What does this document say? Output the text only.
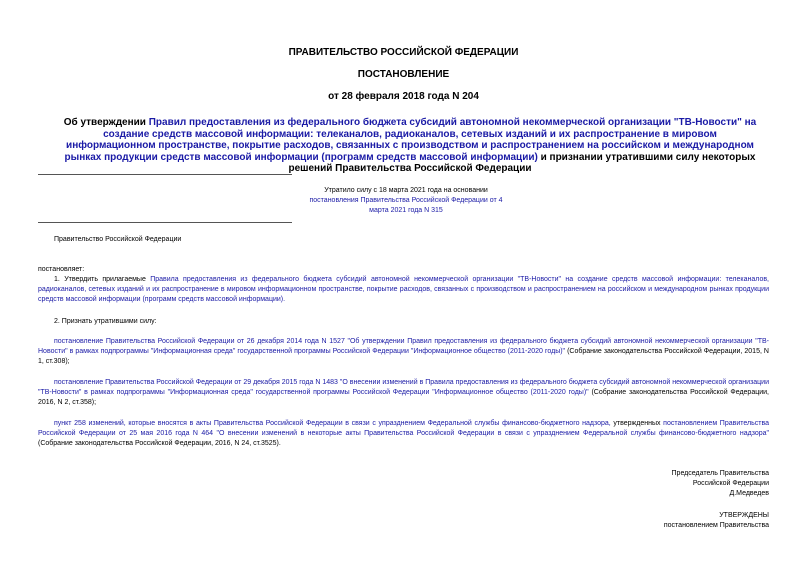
ПРАВИТЕЛЬСТВО РОССИЙСКОЙ ФЕДЕРАЦИИ
ПОСТАНОВЛЕНИЕ
от 28 февраля 2018 года N 204
Об утверждении Правил предоставления из федерального бюджета субсидий автономной некоммерческой организации "ТВ-Новости" на создание средств массовой информации: телеканалов, радиоканалов, сетевых изданий и их распространение в мировом информационном пространстве, покрытие расходов, связанных с производством и распространением на российском и международном рынках продукции средств массовой информации (программ средств массовой информации) и признании утратившими силу некоторых решений Правительства Российской Федерации
Утратило силу с 18 марта 2021 года на основании
постановления Правительства Российской Федерации от 4 марта 2021 года N 315
Правительство Российской Федерации
постановляет:
1. Утвердить прилагаемые Правила предоставления из федерального бюджета субсидий автономной некоммерческой организации "ТВ-Новости" на создание средств массовой информации: телеканалов, радиоканалов, сетевых изданий и их распространение в мировом информационном пространстве, покрытие расходов, связанных с производством и распространением на российском и международном рынках продукции средств массовой информации (программ средств массовой информации).
2. Признать утратившими силу:
постановление Правительства Российской Федерации от 26 декабря 2014 года N 1527 "Об утверждении Правил предоставления из федерального бюджета субсидий автономной некоммерческой организации "ТВ-Новости" в рамках подпрограммы "Информационная среда" государственной программы Российской Федерации "Информационное общество (2011-2020 годы)" (Собрание законодательства Российской Федерации, 2015, N 1, ст.308);
постановление Правительства Российской Федерации от 29 декабря 2015 года N 1483 "О внесении изменений в Правила предоставления из федерального бюджета субсидий автономной некоммерческой организации "ТВ-Новости" в рамках подпрограммы "Информационная среда" государственной программы Российской Федерации "Информационное общество (2011-2020 годы)" (Собрание законодательства Российской Федерации, 2016, N 2, ст.358);
пункт 258 изменений, которые вносятся в акты Правительства Российской Федерации в связи с упразднением Федеральной службы финансово-бюджетного надзора, утвержденных постановлением Правительства Российской Федерации от 25 мая 2016 года N 464 "О внесении изменений в некоторые акты Правительства Российской Федерации в связи с упразднением Федеральной службы финансово-бюджетного надзора" (Собрание законодательства Российской Федерации, 2016, N 24, ст.3525).
Председатель Правительства
Российской Федерации
Д.Медведев
УТВЕРЖДЕНЫ
постановлением Правительства
